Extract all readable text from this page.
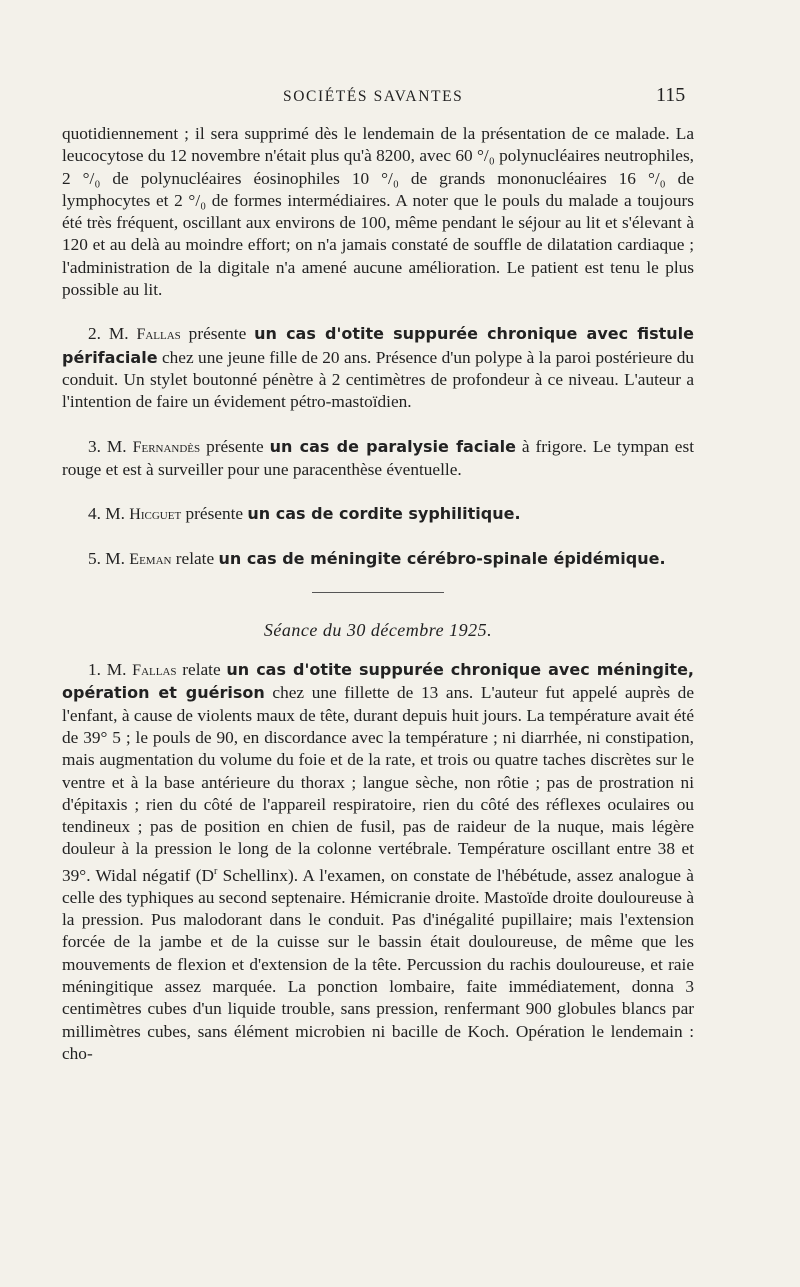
SOCIÉTÉS SAVANTES	115

quotidiennement ; il sera supprimé dès le lendemain de la présentation de ce malade. La leucocytose du 12 novembre n'était plus qu'à 8200, avec 60 °/₀ polynucléaires neutrophiles, 2 °/₀ de polynucléaires éosinophiles 10 °/₀ de grands mononucléaires 16 °/₀ de lymphocytes et 2 °/₀ de formes intermédiaires. A noter que le pouls du malade a toujours été très fréquent, oscillant aux environs de 100, même pendant le séjour au lit et s'élevant à 120 et au delà au moindre effort; on n'a jamais constaté de souffle de dilatation cardiaque ; l'administration de la digitale n'a amené aucune amélioration. Le patient est tenu le plus possible au lit.

2. M. Fallas présente un cas d'otite suppurée chronique avec fistule périfaciale chez une jeune fille de 20 ans. Présence d'un polype à la paroi postérieure du conduit. Un stylet boutonné pénètre à 2 centimètres de profondeur à ce niveau. L'auteur a l'intention de faire un évidement pétro-mastoïdien.

3. M. Fernandès présente un cas de paralysie faciale à frigore. Le tympan est rouge et est à surveiller pour une paracenthèse éventuelle.

4. M. Hicguet présente un cas de cordite syphilitique.

5. M. Eeman relate un cas de méningite cérébro-spinale épidémique.

Séance du 30 décembre 1925.

1. M. Fallas relate un cas d'otite suppurée chronique avec méningite, opération et guérison chez une fillette de 13 ans. L'auteur fut appelé auprès de l'enfant, à cause de violents maux de tête, durant depuis huit jours. La température avait été de 39° 5 ; le pouls de 90, en discordance avec la température ; ni diarrhée, ni constipation, mais augmentation du volume du foie et de la rate, et trois ou quatre taches discrètes sur le ventre et à la base antérieure du thorax ; langue sèche, non rôtie ; pas de prostration ni d'épitaxis ; rien du côté de l'appareil respiratoire, rien du côté des réflexes oculaires ou tendineux ; pas de position en chien de fusil, pas de raideur de la nuque, mais légère douleur à la pression le long de la colonne vertébrale. Température oscillant entre 38 et 39°. Widal négatif ($D^r$ Schellinx). A l'examen, on constate de l'hébétude, assez analogue à celle des typhiques au second septenaire. Hémicranie droite. Mastoïde droite douloureuse à la pression. Pus malodorant dans le conduit. Pas d'inégalité pupillaire; mais l'extension forcée de la jambe et de la cuisse sur le bassin était douloureuse, de même que les mouvements de flexion et d'extension de la tête. Percussion du rachis douloureuse, et raie méningitique assez marquée. La ponction lombaire, faite immédiatement, donna 3 centimètres cubes d'un liquide trouble, sans pression, renfermant 900 globules blancs par millimètres cubes, sans élément microbien ni bacille de Koch. Opération le lendemain : cho-
